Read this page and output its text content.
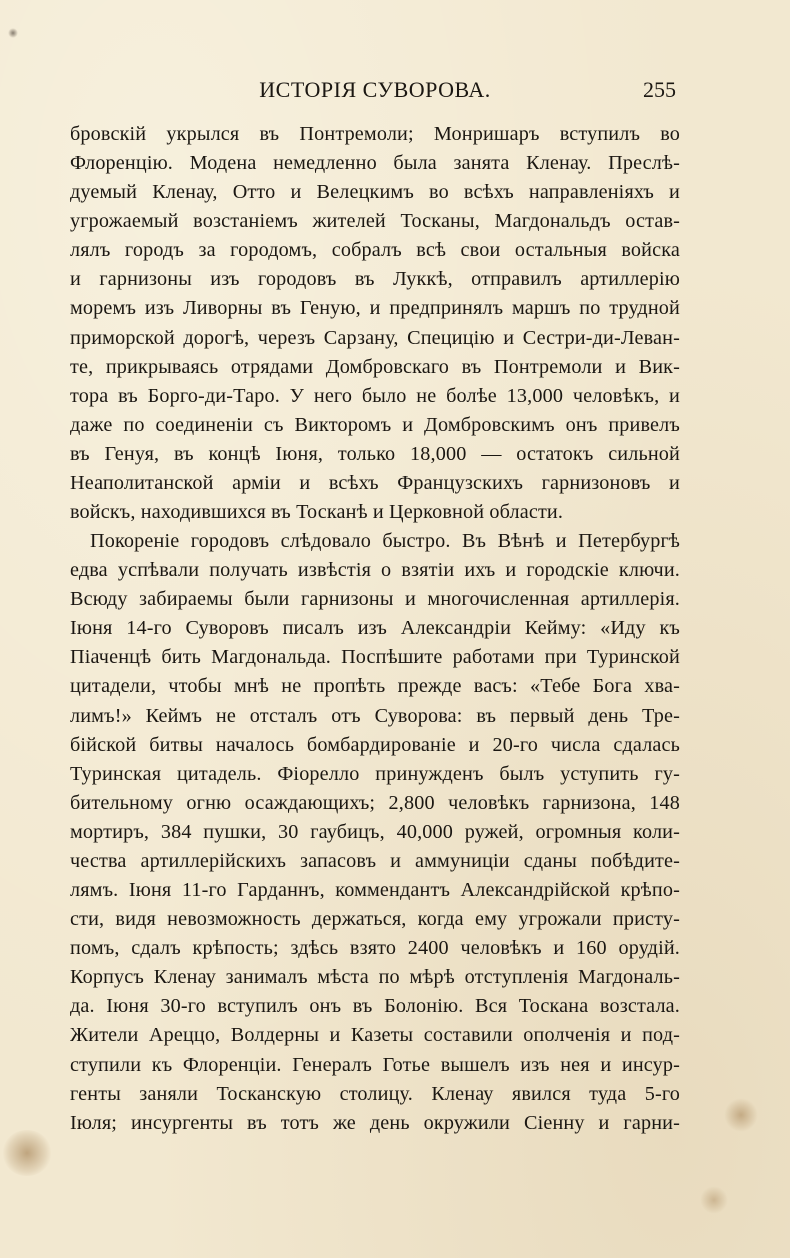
ИСТОРІЯ СУВОРОВА.	255
бровскій укрылся въ Понтремоли; Монришаръ вступилъ во
Флоренцію. Модена немедленно была занята Кленау. Преслѣ-
дуемый Кленау, Отто и Велецкимъ во всѣхъ направленіяхъ и
угрожаемый возстаніемъ жителей Тосканы, Магдональдъ остав-
лялъ городъ за городомъ, собралъ всѣ свои остальныя войска
и гарнизоны изъ городовъ въ Луккѣ, отправилъ артиллерію
моремъ изъ Ливорны въ Геную, и предпринялъ маршъ по трудной
приморской дорогѣ, черезъ Сарзану, Специцію и Сестри-ди-Леван-
те, прикрываясь отрядами Домбровскаго въ Понтремоли и Вик-
тора въ Борго-ди-Таро. У него было не болѣе 13,000 человѣкъ, и
даже по соединеніи съ Викторомъ и Домбровскимъ онъ привелъ
въ Генуя, въ концѣ Іюня, только 18,000 — остатокъ сильной
Неаполитанской арміи и всѣхъ Французскихъ гарнизоновъ и
войскъ, находившихся въ Тосканѣ и Церковной области.
Покореніе городовъ слѣдовало быстро. Въ Вѣнѣ и Петербургѣ
едва успѣвали получать извѣстія о взятіи ихъ и городскіе ключи.
Всюду забираемы были гарнизоны и многочисленная артиллерія.
Іюня 14-го Суворовъ писалъ изъ Александріи Кейму: «Иду къ
Піаченцѣ бить Магдональда. Поспѣшите работами при Туринской
цитадели, чтобы мнѣ не пропѣть прежде васъ: «Тебе Бога хва-
лимъ!» Кеймъ не отсталъ отъ Суворова: въ первый день Тре-
бійской битвы началось бомбардированіе и 20-го числа сдалась
Туринская цитадель. Фіорелло принужденъ былъ уступить гу-
бительному огню осаждающихъ; 2,800 человѣкъ гарнизона, 148
мортиръ, 384 пушки, 30 гаубицъ, 40,000 ружей, огромныя коли-
чества артиллерійскихъ запасовъ и аммуниціи сданы побѣдите-
лямъ. Іюня 11-го Гарданнъ, коммендантъ Александрійской крѣпо-
сти, видя невозможность держаться, когда ему угрожали присту-
помъ, сдалъ крѣпость; здѣсь взято 2400 человѣкъ и 160 орудій.
Корпусъ Кленау занималъ мѣста по мѣрѣ отступленія Магдональ-
да. Іюня 30-го вступилъ онъ въ Болонію. Вся Тоскана возстала.
Жители Ареццо, Волдерны и Казеты составили ополченія и под-
ступили къ Флоренціи. Генералъ Готье вышелъ изъ нея и инсур-
генты заняли Тосканскую столицу. Кленау явился туда 5-го
Іюля; инсургенты въ тотъ же день окружили Сіенну и гарни-
